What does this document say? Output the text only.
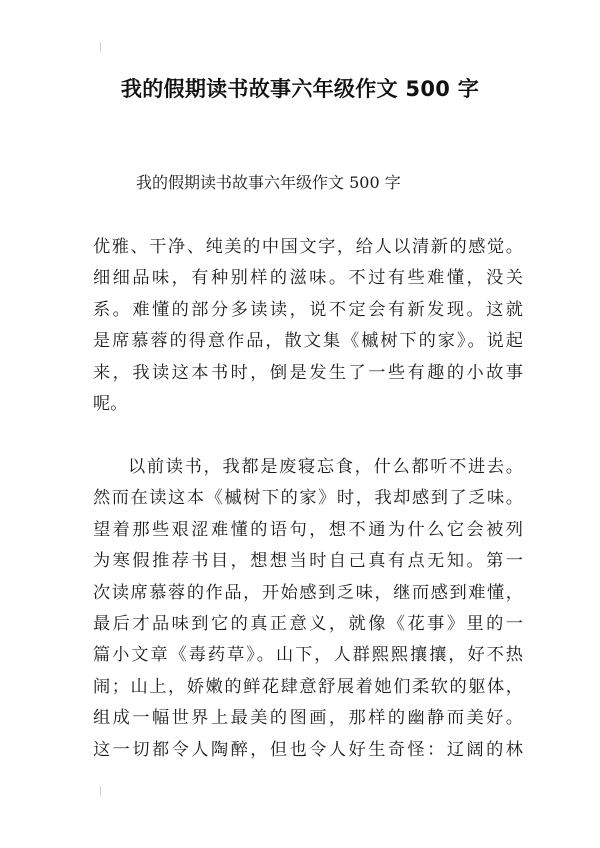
我的假期读书故事六年级作文 500 字
我的假期读书故事六年级作文 500 字
优雅、干净、纯美的中国文字，给人以清新的感觉。
细细品味，有种别样的滋味。不过有些难懂，没关
系。难懂的部分多读读，说不定会有新发现。这就
是席慕蓉的得意作品，散文集《槭树下的家》。说起
来，我读这本书时，倒是发生了一些有趣的小故事
呢。
以前读书，我都是废寝忘食，什么都听不进去。
然而在读这本《槭树下的家》时，我却感到了乏味。
望着那些艰涩难懂的语句，想不通为什么它会被列
为寒假推荐书目，想想当时自己真有点无知。第一
次读席慕蓉的作品，开始感到乏味，继而感到难懂，
最后才品味到它的真正意义，就像《花事》里的一
篇小文章《毒药草》。山下，人群熙熙攘攘，好不热
闹；山上，娇嫩的鲜花肆意舒展着她们柔软的躯体，
组成一幅世界上最美的图画，那样的幽静而美好。
这一切都令人陶醉，但也令人好生奇怪：辽阔的林
